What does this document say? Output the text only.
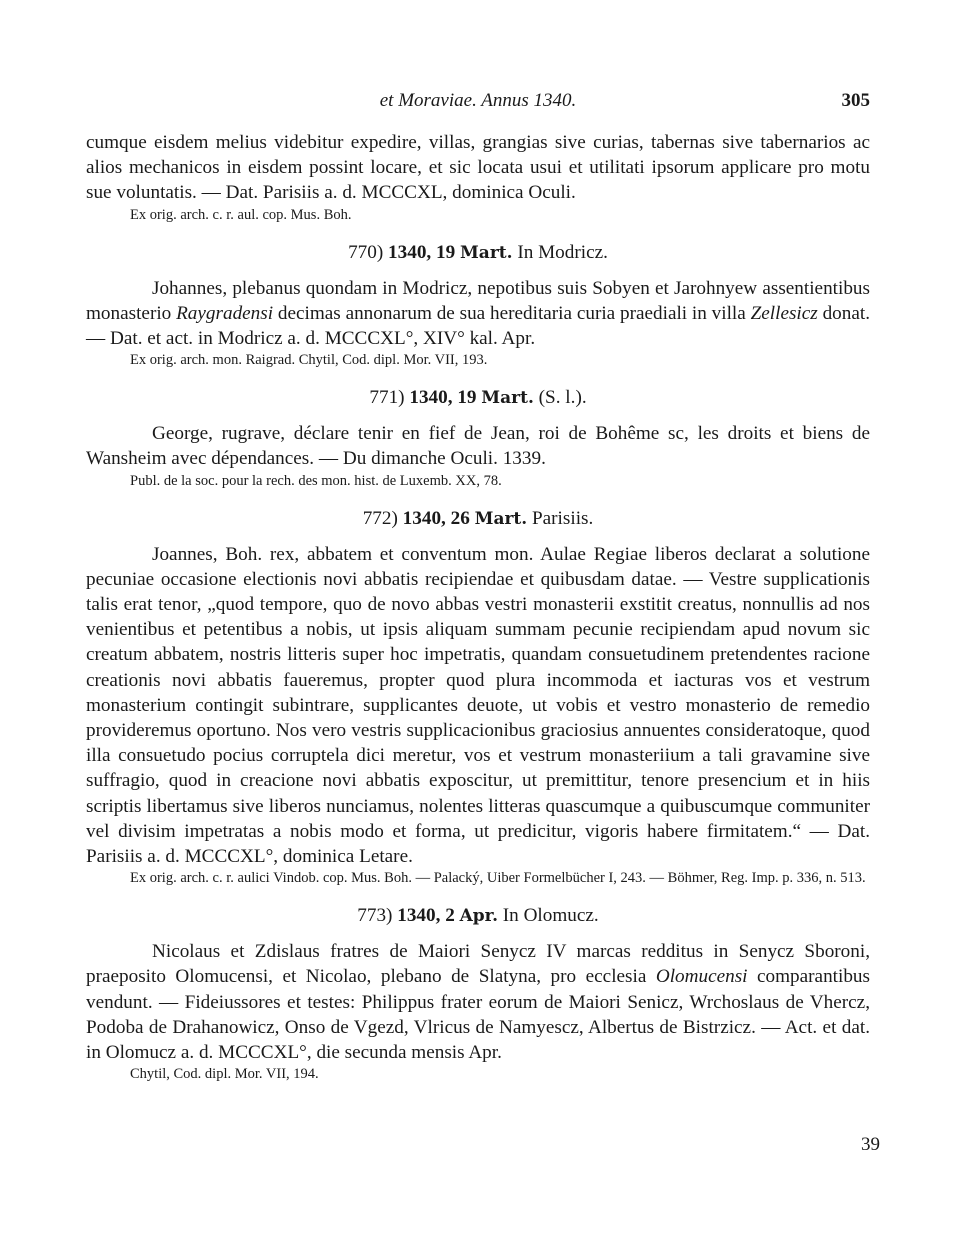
et Moraviae. Annus 1340.	305

cumque eisdem melius videbitur expedire, villas, grangias sive curias, tabernas sive tabernarios ac alios mechanicos in eisdem possint locare, et sic locata usui et utilitati ipsorum applicare pro motu sue voluntatis. — Dat. Parisiis a. d. MCCCXL, dominica Oculi.

Ex orig. arch. c. r. aul. cop. Mus. Boh.

770) 1340, 19 Mart. In Modricz.

Johannes, plebanus quondam in Modricz, nepotibus suis Sobyen et Jarohnyew assentientibus monasterio Raygradensi decimas annonarum de sua hereditaria curia praediali in villa Zellesicz donat. — Dat. et act. in Modricz a. d. MCCCXL°, XIV° kal. Apr.

Ex orig. arch. mon. Raigrad. Chytil, Cod. dipl. Mor. VII, 193.

771) 1340, 19 Mart. (S. l.).

George, rugrave, déclare tenir en fief de Jean, roi de Bohême sc, les droits et biens de Wansheim avec dépendances. — Du dimanche Oculi. 1339.

Publ. de la soc. pour la rech. des mon. hist. de Luxemb. XX, 78.

772) 1340, 26 Mart. Parisiis.

Joannes, Boh. rex, abbatem et conventum mon. Aulae Regiae liberos declarat a solutione pecuniae occasione electionis novi abbatis recipiendae et quibusdam datae. — Vestre supplicationis talis erat tenor, „quod tempore, quo de novo abbas vestri monasterii exstitit creatus, nonnullis ad nos venientibus et petentibus a nobis, ut ipsis aliquam summam pecunie recipiendam apud novum sic creatum abbatem, nostris litteris super hoc impetratis, quandam consuetudinem pretendentes racione creationis novi abbatis faueremus, propter quod plura incommoda et iacturas vos et vestrum monasterium contingit subintrare, supplicantes deuote, ut vobis et vestro monasterio de remedio provideremus oportuno. Nos vero vestris supplicacionibus graciosius annuentes consideratoque, quod illa consuetudo pocius corruptela dici meretur, vos et vestrum monasteriium a tali gravamine sive suffragio, quod in creacione novi abbatis exposcitur, ut premittitur, tenore presencium et in hiis scriptis libertamus sive liberos nunciamus, nolentes litteras quascumque a quibuscumque communiter vel divisim impetratas a nobis modo et forma, ut predicitur, vigoris habere firmitatem.“ — Dat. Parisiis a. d. MCCCXL°, dominica Letare.

Ex orig. arch. c. r. aulici Vindob. cop. Mus. Boh. — Palacký, Uiber Formelbücher I, 243. — Böhmer, Reg. Imp. p. 336, n. 513.

773) 1340, 2 Apr. In Olomucz.

Nicolaus et Zdislaus fratres de Maiori Senycz IV marcas redditus in Senycz Sboroni, praeposito Olomucensi, et Nicolao, plebano de Slatyna, pro ecclesia Olomucensi comparantibus vendunt. — Fideiussores et testes: Philippus frater eorum de Maiori Senicz, Wrchoslaus de Vhercz, Podoba de Drahanowicz, Onso de Vgezd, Vlricus de Namyescz, Albertus de Bistrzicz. — Act. et dat. in Olomucz a. d. MCCCXL°, die secunda mensis Apr.

Chytil, Cod. dipl. Mor. VII, 194.

39
